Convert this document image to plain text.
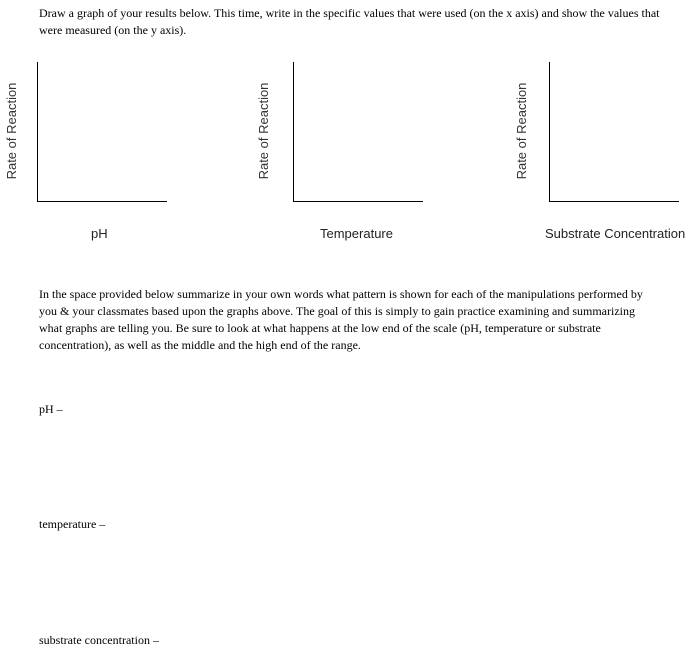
Draw a graph of your results below. This time, write in the specific values that were used (on the x axis) and show the values that were measured (on the y axis).

Rate of Reaction
pH
Rate of Reaction
Temperature
Rate of Reaction
Substrate Concentration

In the space provided below summarize in your own words what pattern is shown for each of the manipulations performed by you & your classmates based upon the graphs above. The goal of this is simply to gain practice examining and summarizing what graphs are telling you. Be sure to look at what happens at the low end of the scale (pH, temperature or substrate concentration), as well as the middle and the high end of the range.

pH –

temperature –

substrate concentration –
